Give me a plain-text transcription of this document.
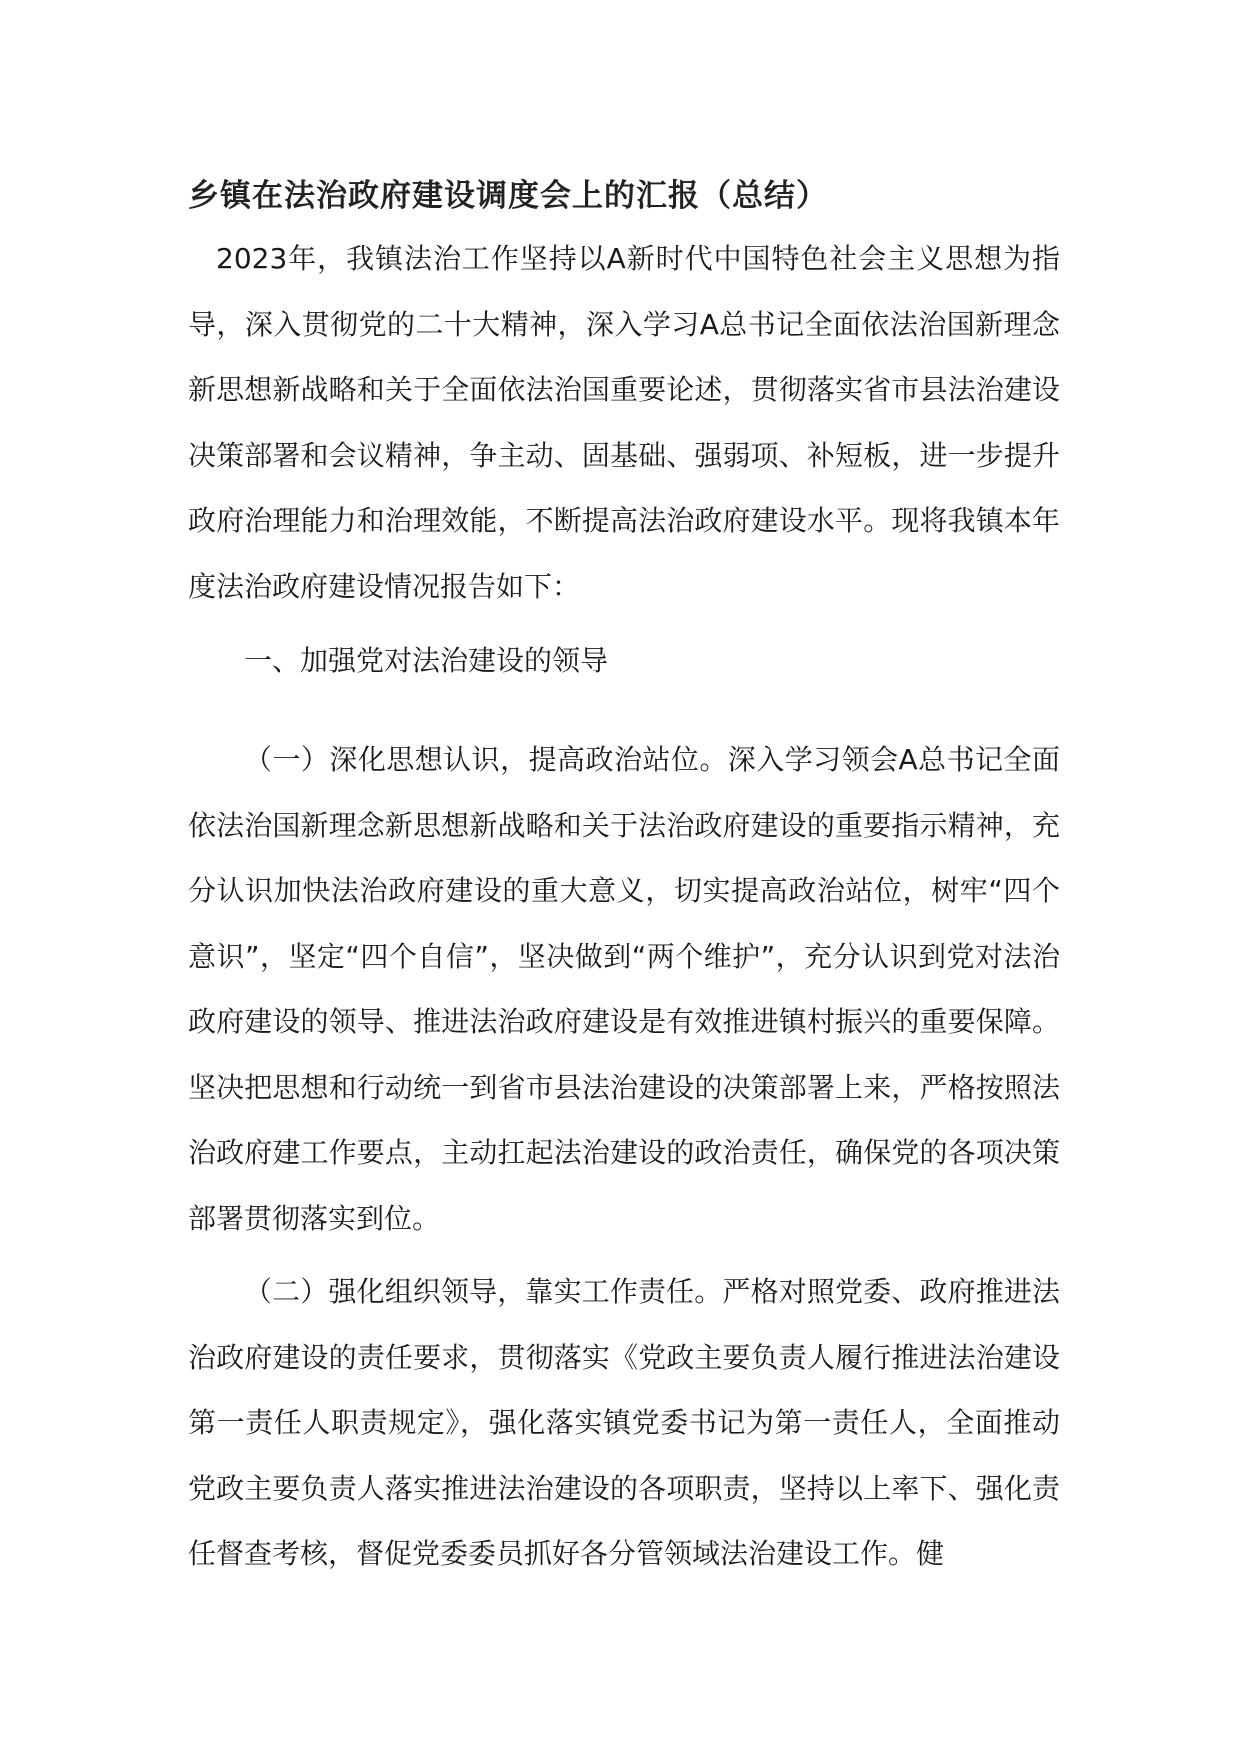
乡镇在法治政府建设调度会上的汇报（总结）
2023年，我镇法治工作坚持以A新时代中国特色社会主义思想为指导，深入贯彻党的二十大精神，深入学习A总书记全面依法治国新理念新思想新战略和关于全面依法治国重要论述，贯彻落实省市县法治建设决策部署和会议精神，争主动、固基础、强弱项、补短板，进一步提升政府治理能力和治理效能，不断提高法治政府建设水平。现将我镇本年度法治政府建设情况报告如下：
一、加强党对法治建设的领导
（一）深化思想认识，提高政治站位。深入学习领会A总书记全面依法治国新理念新思想新战略和关于法治政府建设的重要指示精神，充分认识加快法治政府建设的重大意义，切实提高政治站位，树牢“四个意识”，坚定“四个自信”，坚决做到“两个维护”，充分认识到党对法治政府建设的领导、推进法治政府建设是有效推进镇村振兴的重要保障。坚决把思想和行动统一到省市县法治建设的决策部署上来，严格按照法治政府建工作要点，主动扛起法治建设的政治责任，确保党的各项决策部署贯彻落实到位。
（二）强化组织领导，靠实工作责任。严格对照党委、政府推进法治政府建设的责任要求，贯彻落实《党政主要负责人履行推进法治建设第一责任人职责规定》，强化落实镇党委书记为第一责任人，全面推动党政主要负责人落实推进法治建设的各项职责，坚持以上率下、强化责任督查考核，督促党委委员抓好各分管领域法治建设工作。健
